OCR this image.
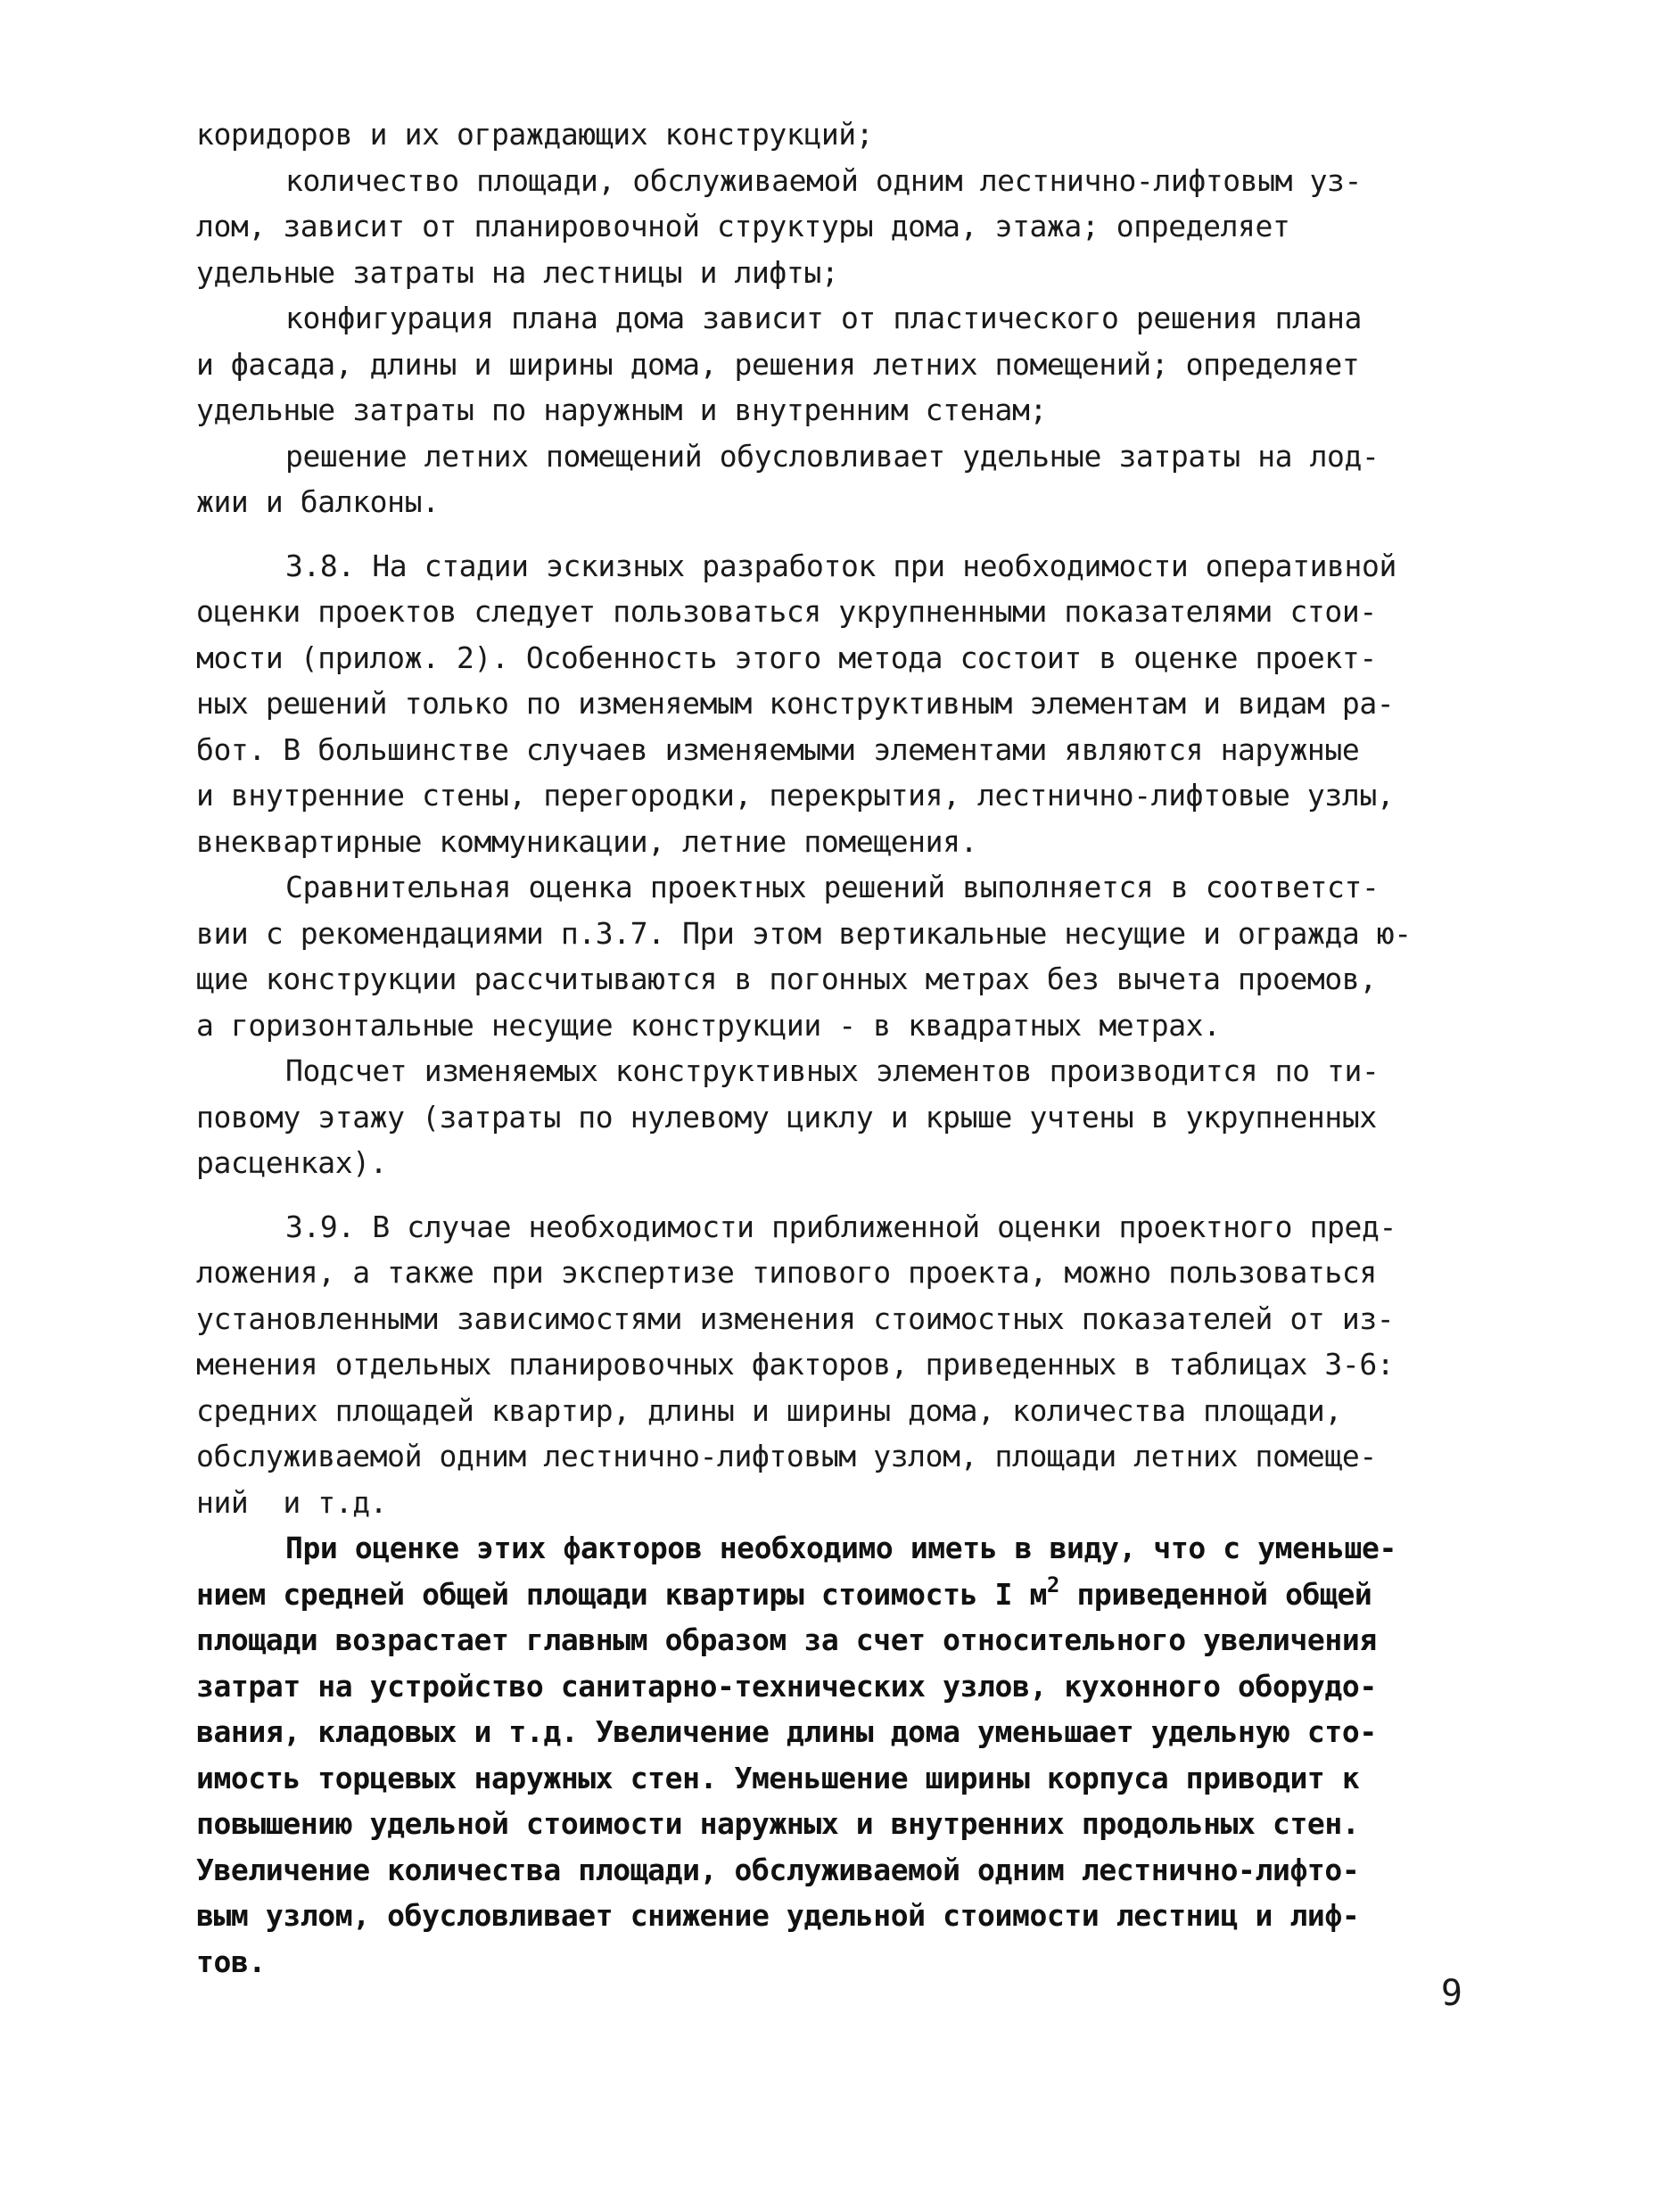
коридоров и их ограждающих конструкций;
количество площади, обслуживаемой одним лестнично-лифтовым уз-
лом, зависит от планировочной структуры дома, этажа; определяет
удельные затраты на лестницы и лифты;
конфигурация плана дома зависит от пластического решения плана
и фасада, длины и ширины дома, решения летних помещений; определяет
удельные затраты по наружным и внутренним стенам;
решение летних помещений обусловливает удельные затраты на лод-
жии и балконы.
3.8. На стадии эскизных разработок при необходимости оперативной
оценки проектов следует пользоваться укрупненными показателями стои-
мости (прилож. 2). Особенность этого метода состоит в оценке проект-
ных решений только по изменяемым конструктивным элементам и видам ра-
бот. В большинстве случаев изменяемыми элементами являются наружные
и внутренние стены, перегородки, перекрытия, лестнично-лифтовые узлы,
внеквартирные коммуникации, летние помещения.
Сравнительная оценка проектных решений выполняется в соответст-
вии с рекомендациями п.3.7. При этом вертикальные несущие и огражда ю-
щие конструкции рассчитываются в погонных метрах без вычета проемов,
а горизонтальные несущие конструкции - в квадратных метрах.
Подсчет изменяемых конструктивных элементов производится по ти-
повому этажу (затраты по нулевому циклу и крыше учтены в укрупненных
расценках).
3.9. В случае необходимости приближенной оценки проектного пред-
ложения, а также при экспертизе типового проекта, можно пользоваться
установленными зависимостями изменения стоимостных показателей от из-
менения отдельных планировочных факторов, приведенных в таблицах 3-6:
средних площадей квартир, длины и ширины дома, количества площади,
обслуживаемой одним лестнично-лифтовым узлом, площади летних помеще-
ний  и т.д.
При оценке этих факторов необходимо иметь в виду, что с уменьше-
нием средней общей площади квартиры стоимость I $м^2$ приведенной общей
площади возрастает главным образом за счет относительного увеличения
затрат на устройство санитарно-технических узлов, кухонного оборудо-
вания, кладовых и т.д. Увеличение длины дома уменьшает удельную сто-
имость торцевых наружных стен. Уменьшение ширины корпуса приводит к
повышению удельной стоимости наружных и внутренних продольных стен.
Увеличение количества площади, обслуживаемой одним лестнично-лифто-
вым узлом, обусловливает снижение удельной стоимости лестниц и лиф-
тов.
9
